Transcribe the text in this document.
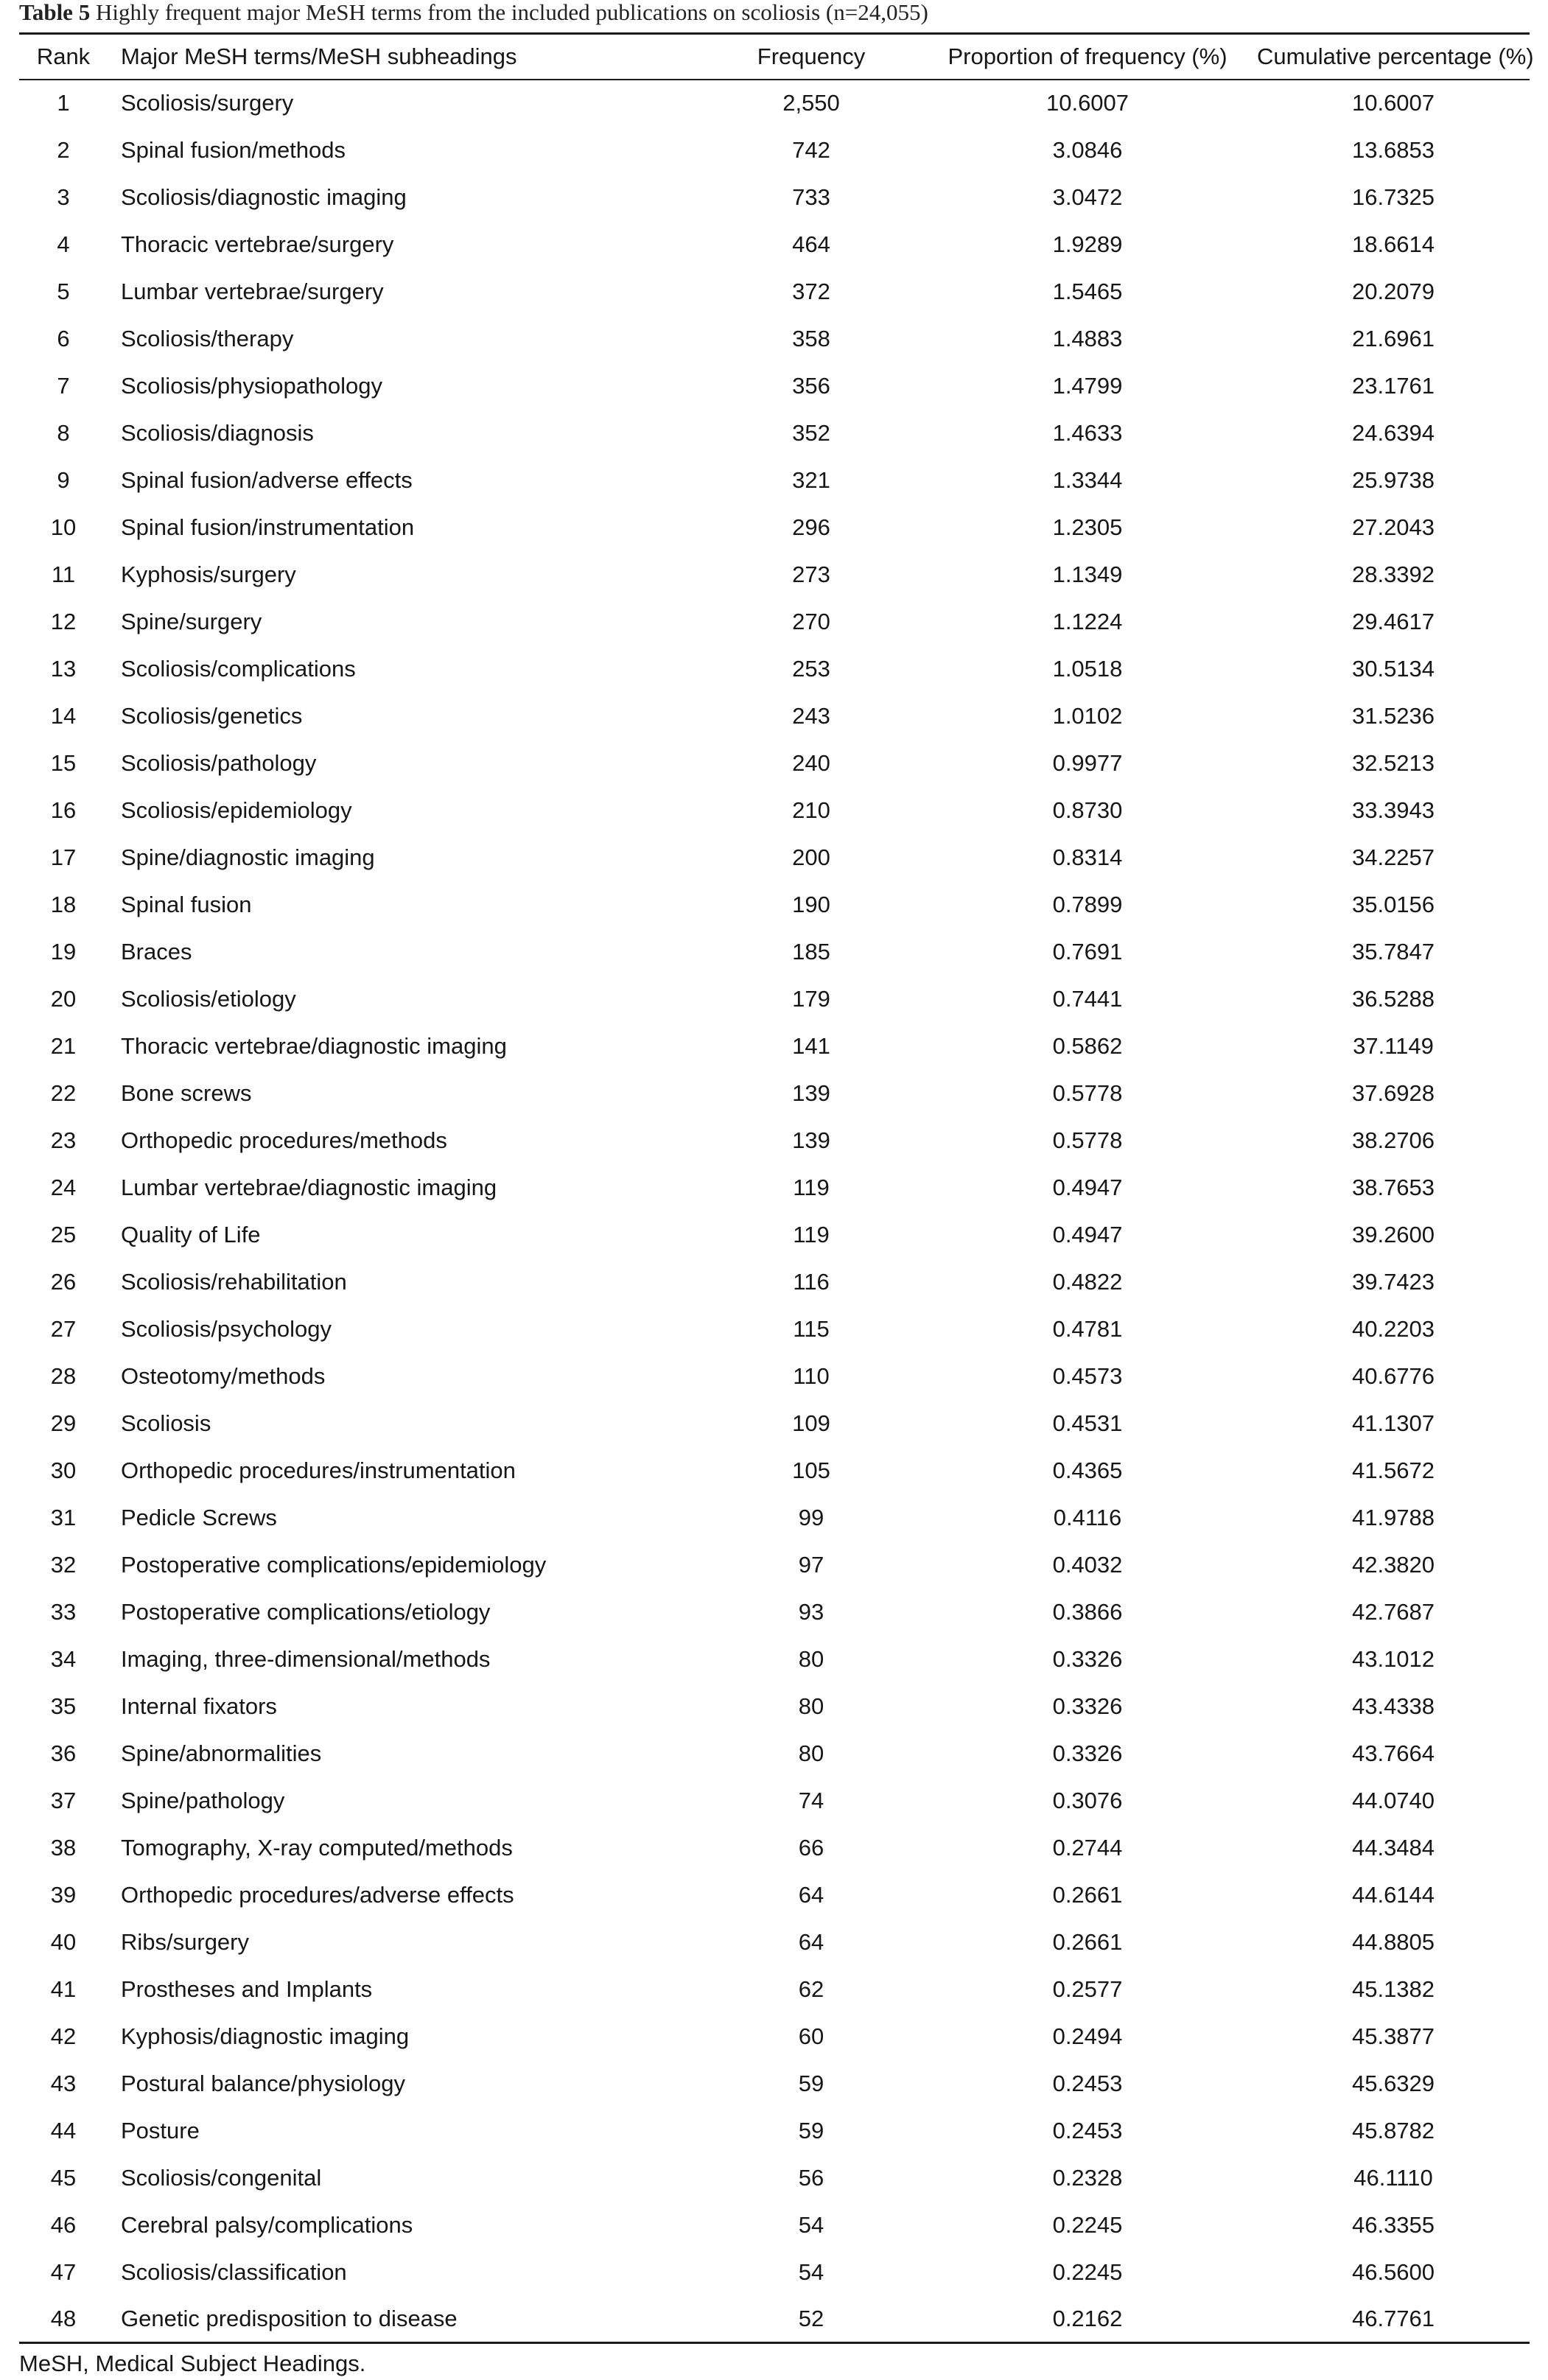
Table 5 Highly frequent major MeSH terms from the included publications on scoliosis (n=24,055)
Rank	Major MeSH terms/MeSH subheadings	Frequency	Proportion of frequency (%)	Cumulative percentage (%)
1	Scoliosis/surgery	2,550	10.6007	10.6007
2	Spinal fusion/methods	742	3.0846	13.6853
3	Scoliosis/diagnostic imaging	733	3.0472	16.7325
4	Thoracic vertebrae/surgery	464	1.9289	18.6614
5	Lumbar vertebrae/surgery	372	1.5465	20.2079
6	Scoliosis/therapy	358	1.4883	21.6961
7	Scoliosis/physiopathology	356	1.4799	23.1761
8	Scoliosis/diagnosis	352	1.4633	24.6394
9	Spinal fusion/adverse effects	321	1.3344	25.9738
10	Spinal fusion/instrumentation	296	1.2305	27.2043
11	Kyphosis/surgery	273	1.1349	28.3392
12	Spine/surgery	270	1.1224	29.4617
13	Scoliosis/complications	253	1.0518	30.5134
14	Scoliosis/genetics	243	1.0102	31.5236
15	Scoliosis/pathology	240	0.9977	32.5213
16	Scoliosis/epidemiology	210	0.8730	33.3943
17	Spine/diagnostic imaging	200	0.8314	34.2257
18	Spinal fusion	190	0.7899	35.0156
19	Braces	185	0.7691	35.7847
20	Scoliosis/etiology	179	0.7441	36.5288
21	Thoracic vertebrae/diagnostic imaging	141	0.5862	37.1149
22	Bone screws	139	0.5778	37.6928
23	Orthopedic procedures/methods	139	0.5778	38.2706
24	Lumbar vertebrae/diagnostic imaging	119	0.4947	38.7653
25	Quality of Life	119	0.4947	39.2600
26	Scoliosis/rehabilitation	116	0.4822	39.7423
27	Scoliosis/psychology	115	0.4781	40.2203
28	Osteotomy/methods	110	0.4573	40.6776
29	Scoliosis	109	0.4531	41.1307
30	Orthopedic procedures/instrumentation	105	0.4365	41.5672
31	Pedicle Screws	99	0.4116	41.9788
32	Postoperative complications/epidemiology	97	0.4032	42.3820
33	Postoperative complications/etiology	93	0.3866	42.7687
34	Imaging, three-dimensional/methods	80	0.3326	43.1012
35	Internal fixators	80	0.3326	43.4338
36	Spine/abnormalities	80	0.3326	43.7664
37	Spine/pathology	74	0.3076	44.0740
38	Tomography, X-ray computed/methods	66	0.2744	44.3484
39	Orthopedic procedures/adverse effects	64	0.2661	44.6144
40	Ribs/surgery	64	0.2661	44.8805
41	Prostheses and Implants	62	0.2577	45.1382
42	Kyphosis/diagnostic imaging	60	0.2494	45.3877
43	Postural balance/physiology	59	0.2453	45.6329
44	Posture	59	0.2453	45.8782
45	Scoliosis/congenital	56	0.2328	46.1110
46	Cerebral palsy/complications	54	0.2245	46.3355
47	Scoliosis/classification	54	0.2245	46.5600
48	Genetic predisposition to disease	52	0.2162	46.7761
MeSH, Medical Subject Headings.
